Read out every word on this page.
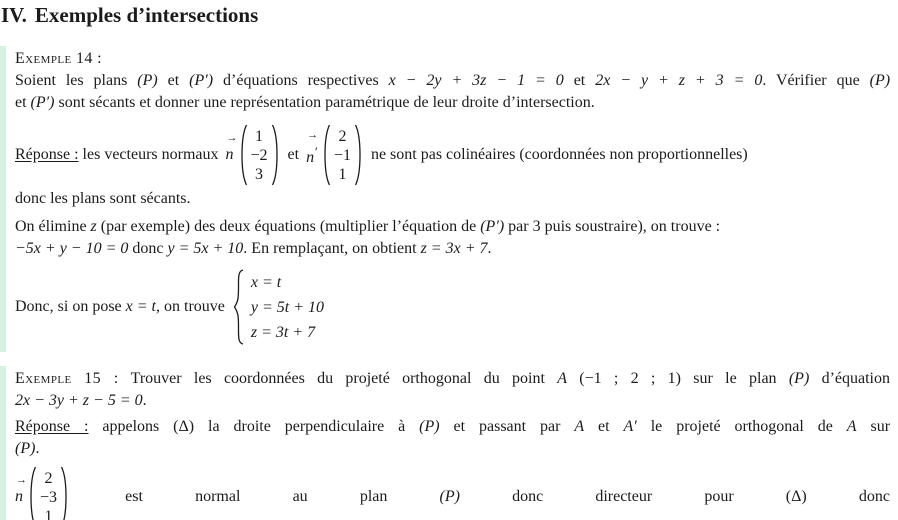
IV. Exemples d’intersections
Exemple 14 :
Soient les plans (P) et (P′) d’équations respectives x − 2y + 3z − 1 = 0 et 2x − y + z + 3 = 0. Vérifier que (P)
et (P′) sont sécants et donner une représentation paramétrique de leur droite d’intersection.
Réponse : les vecteurs normaux
→
n
1
−2
3
et
→
n′
2
−1
1
ne sont pas colinéaires (coordonnées non proportionnelles)
donc les plans sont sécants.
On élimine z (par exemple) des deux équations (multiplier l’équation de (P′) par 3 puis soustraire), on trouve :
−5x + y − 10 = 0 donc y = 5x + 10. En remplaçant, on obtient z = 3x + 7.
Donc, si on pose x = t, on trouve
x = t
y = 5t + 10
z = 3t + 7
Exemple 15 : Trouver les coordonnées du projeté orthogonal du point A (−1 ; 2 ; 1) sur le plan (P) d’équation
2x − 3y + z − 5 = 0.
Réponse : appelons (Δ) la droite perpendiculaire à (P) et passant par A et A′ le projeté orthogonal de A sur
(P).
→
n
2
−3
1
est	normal	au	plan	(P)	donc	directeur	pour	(Δ)	donc
